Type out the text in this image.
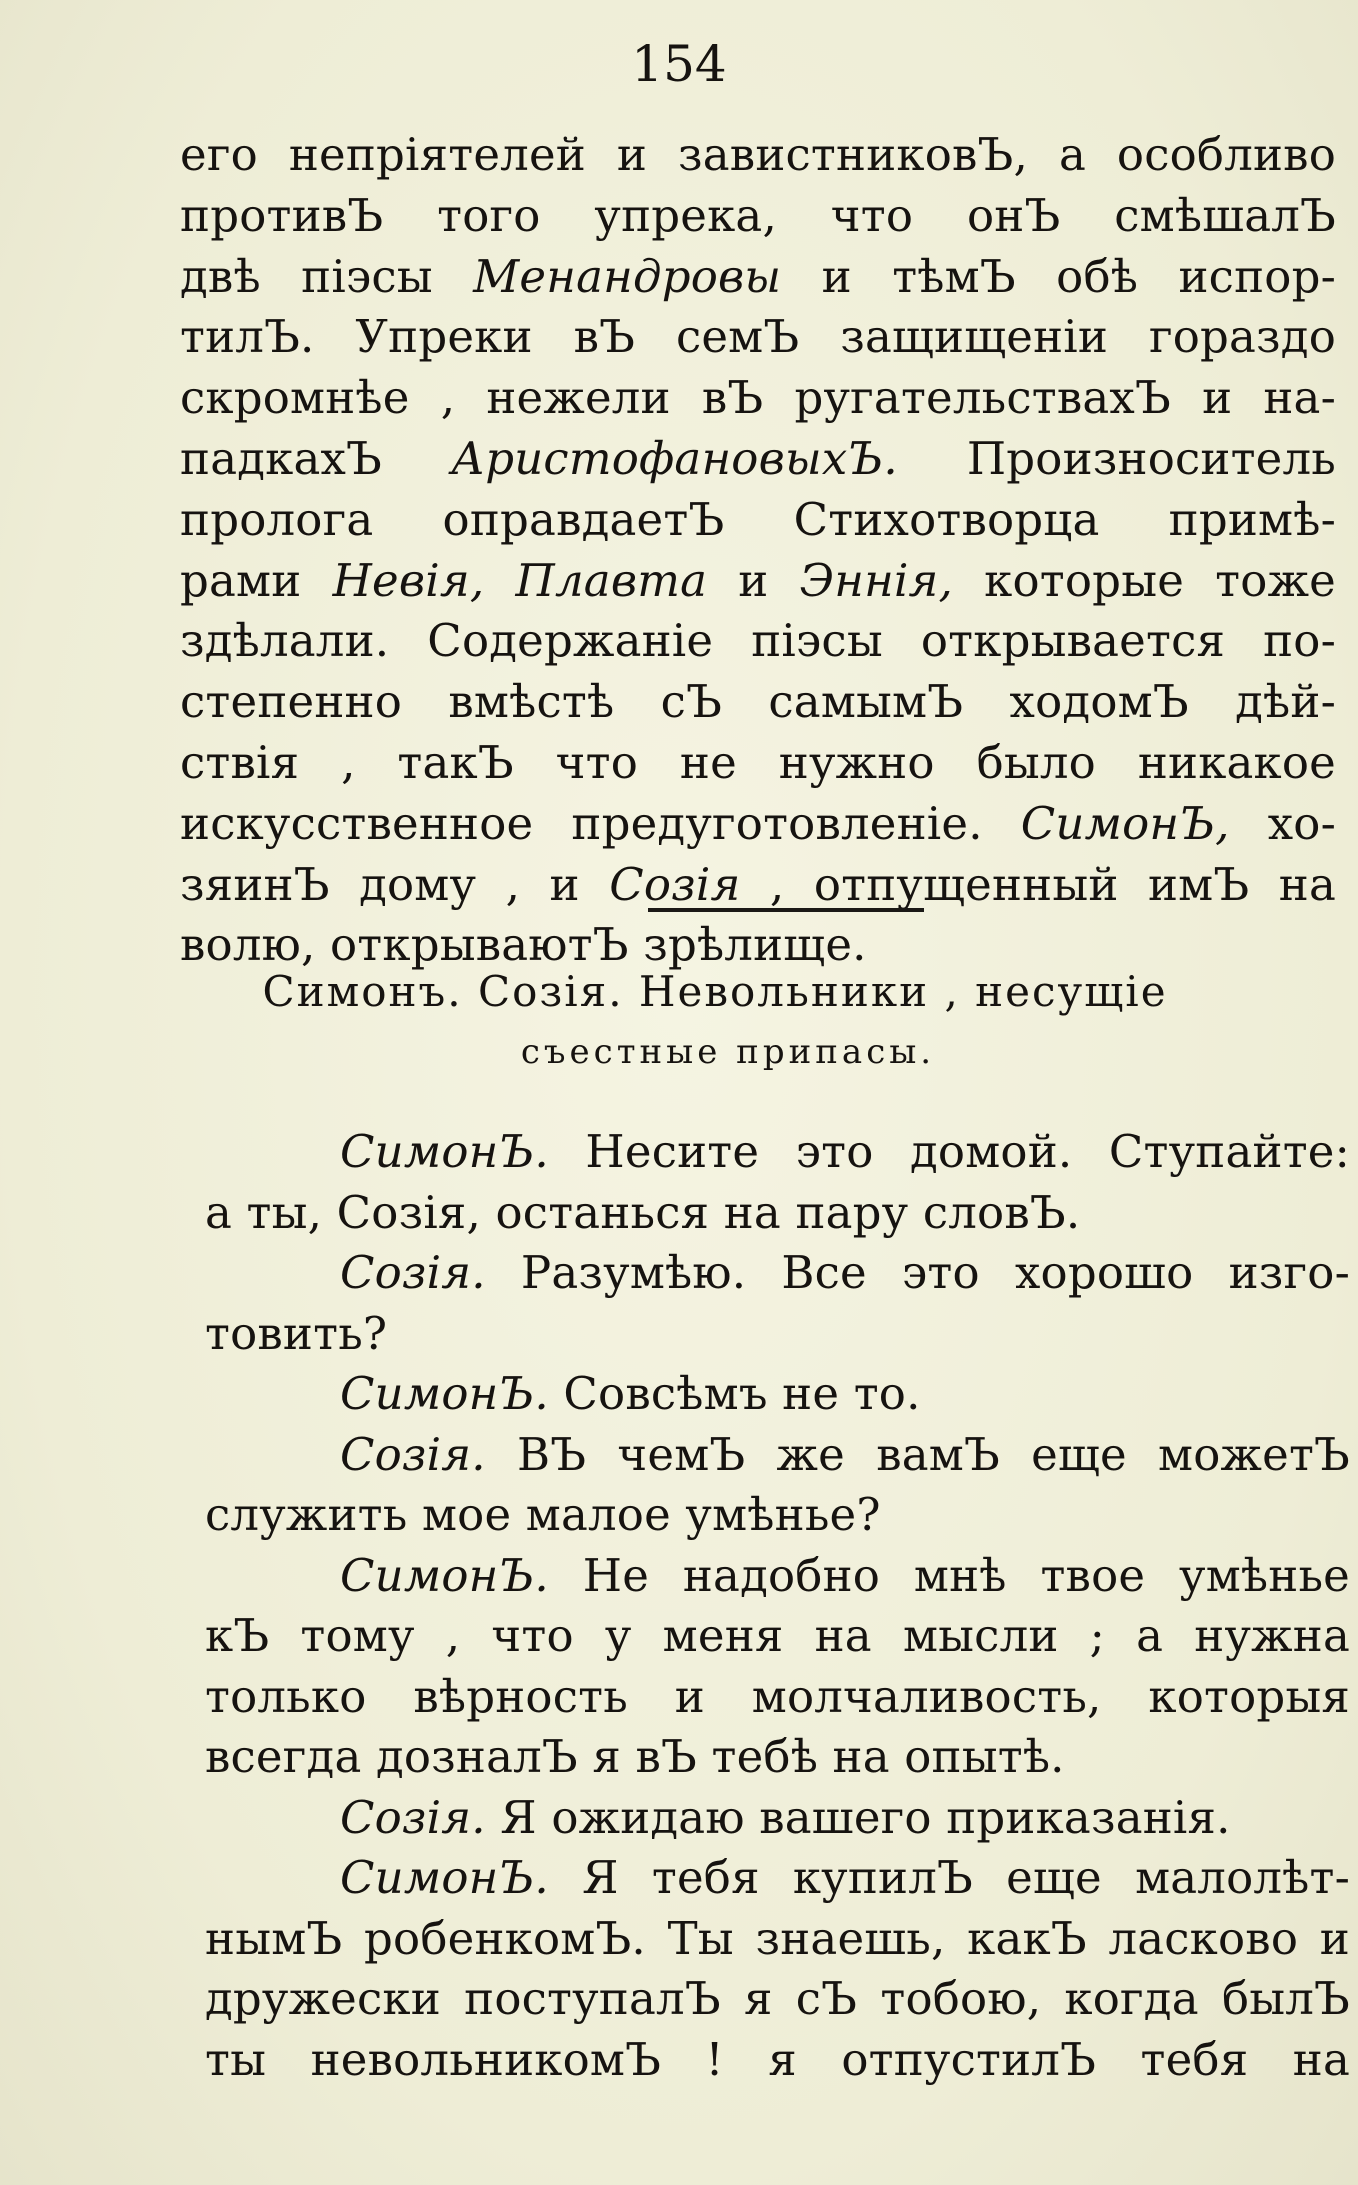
154

его непріятелей и завистниковЪ, а особливо

противЪ того упрека, что онЪ смѣшалЪ

двѣ піэсы Менандровы и тѣмЪ обѣ испор-

тилЪ. Упреки вЪ семЪ защищеніи гораздо

скромнѣе , нежели вЪ ругательствахЪ и на-

падкахЪ АристофановыхЪ. Произноситель

пролога оправдаетЪ Стихотворца примѣ-

рами Невія, Плавта и Эннія, которые тоже

здѣлали. Содержаніе піэсы открывается по-

степенно вмѣстѣ сЪ самымЪ ходомЪ дѣй-

ствія , такЪ что не нужно было никакое

искусственное предуготовленіе. СимонЪ, хо-

зяинЪ дому , и Созія , отпущенный имЪ на

волю, открываютЪ зрѣлище.

Симонъ. Созія. Невольники , несущіе

съестные припасы.

СимонЪ. Несите это домой. Ступайте:

а ты, Созія, останься на пару словЪ.

Созія. Разумѣю. Все это хорошо изго-

товить?

СимонЪ. Совсѣмъ не то.

Созія. ВЪ чемЪ же вамЪ еще можетЪ

служить мое малое умѣнье?

СимонЪ. Не надобно мнѣ твое умѣнье

кЪ тому , что у меня на мысли ; а нужна

только вѣрность и молчаливость, которыя

всегда дозналЪ я вЪ тебѣ на опытѣ.

Созія. Я ожидаю вашего приказанія.

СимонЪ. Я тебя купилЪ еще малолѣт-

нымЪ робенкомЪ. Ты знаешь, какЪ ласково и

дружески поступалЪ я сЪ тобою, когда былЪ

ты невольникомЪ ! я отпустилЪ тебя на
